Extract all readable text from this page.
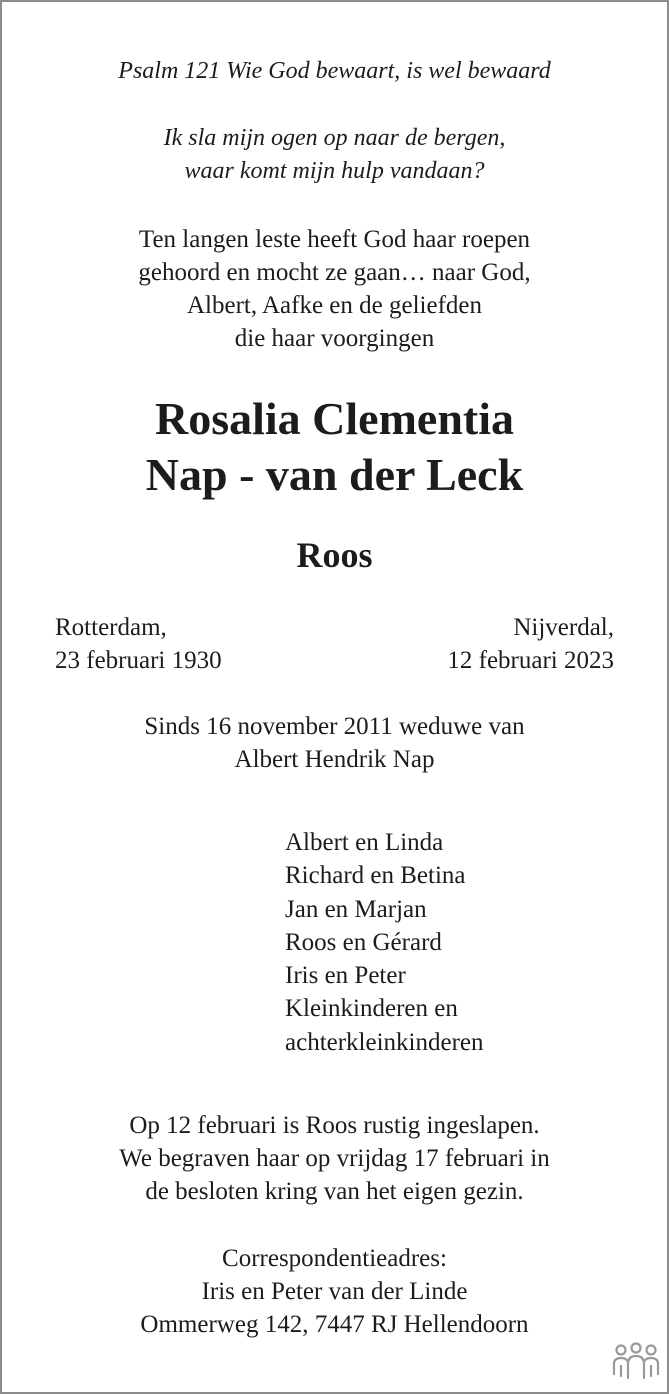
Psalm 121 Wie God bewaart, is wel bewaard
Ik sla mijn ogen op naar de bergen,
waar komt mijn hulp vandaan?
Ten langen leste heeft God haar roepen
gehoord en mocht ze gaan… naar God,
Albert, Aafke en de geliefden
die haar voorgingen
Rosalia Clementia
Nap - van der Leck
Roos
Rotterdam,
23 februari 1930
Nijverdal,
12 februari 2023
Sinds 16 november 2011 weduwe van
Albert Hendrik Nap
Albert en Linda
Richard en Betina
Jan en Marjan
Roos en Gérard
Iris en Peter
Kleinkinderen en
achterkleinkinderen
Op 12 februari is Roos rustig ingeslapen.
We begraven haar op vrijdag 17 februari in
de besloten kring van het eigen gezin.
Correspondentieadres:
Iris en Peter van der Linde
Ommerweg 142, 7447 RJ Hellendoorn
